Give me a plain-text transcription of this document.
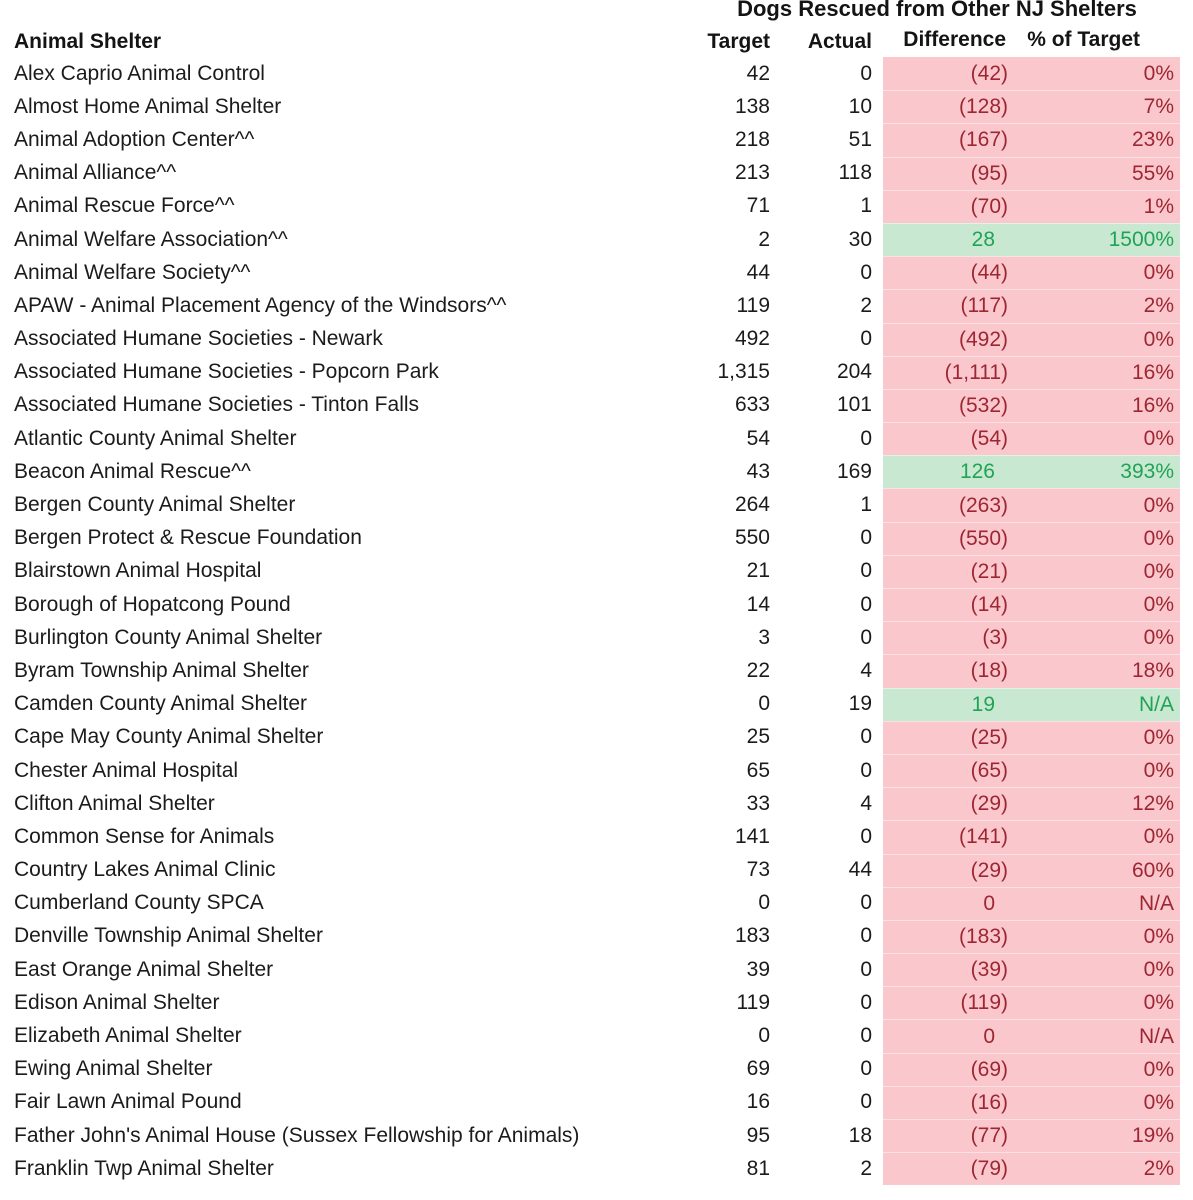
Dogs Rescued from Other NJ Shelters
Animal Shelter	Target	Actual	Difference	% of Target
Alex Caprio Animal Control	42	0	(42)	0%
Almost Home Animal Shelter	138	10	(128)	7%
Animal Adoption Center^^	218	51	(167)	23%
Animal Alliance^^	213	118	(95)	55%
Animal Rescue Force^^	71	1	(70)	1%
Animal Welfare Association^^	2	30	28	1500%
Animal Welfare Society^^	44	0	(44)	0%
APAW - Animal Placement Agency of the Windsors^^	119	2	(117)	2%
Associated Humane Societies - Newark	492	0	(492)	0%
Associated Humane Societies - Popcorn Park	1,315	204	(1,111)	16%
Associated Humane Societies - Tinton Falls	633	101	(532)	16%
Atlantic County Animal Shelter	54	0	(54)	0%
Beacon Animal Rescue^^	43	169	126	393%
Bergen County Animal Shelter	264	1	(263)	0%
Bergen Protect & Rescue Foundation	550	0	(550)	0%
Blairstown Animal Hospital	21	0	(21)	0%
Borough of Hopatcong Pound	14	0	(14)	0%
Burlington County Animal Shelter	3	0	(3)	0%
Byram Township Animal Shelter	22	4	(18)	18%
Camden County Animal Shelter	0	19	19	N/A
Cape May County Animal Shelter	25	0	(25)	0%
Chester Animal Hospital	65	0	(65)	0%
Clifton Animal Shelter	33	4	(29)	12%
Common Sense for Animals	141	0	(141)	0%
Country Lakes Animal Clinic	73	44	(29)	60%
Cumberland County SPCA	0	0	0	N/A
Denville Township Animal Shelter	183	0	(183)	0%
East Orange Animal Shelter	39	0	(39)	0%
Edison Animal Shelter	119	0	(119)	0%
Elizabeth Animal Shelter	0	0	0	N/A
Ewing Animal Shelter	69	0	(69)	0%
Fair Lawn Animal Pound	16	0	(16)	0%
Father John's Animal House (Sussex Fellowship for Animals)	95	18	(77)	19%
Franklin Twp Animal Shelter	81	2	(79)	2%
